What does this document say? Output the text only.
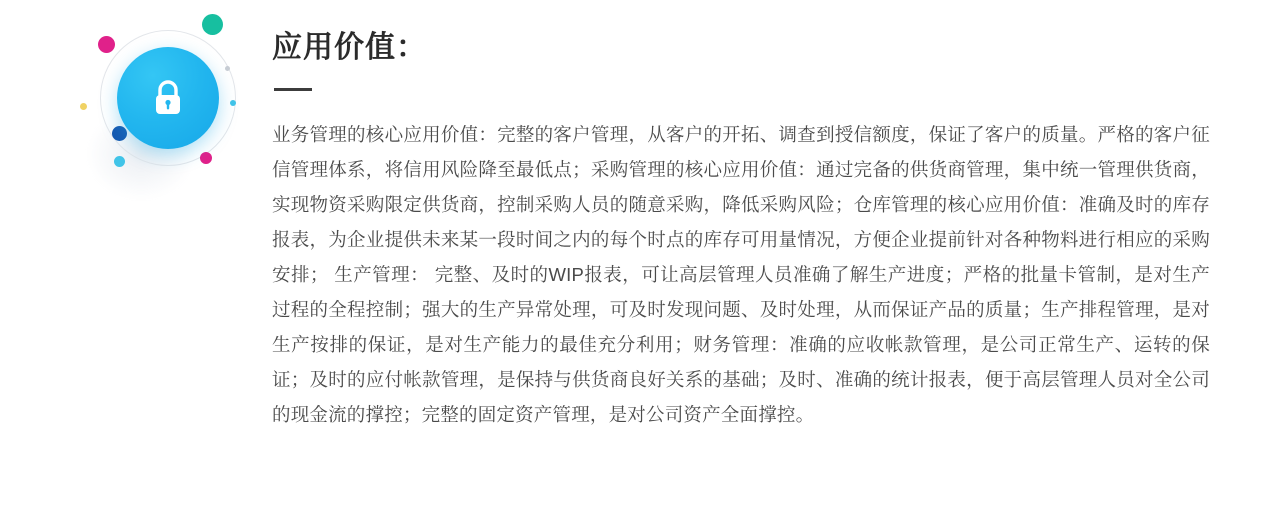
应用价值：

业务管理的核心应用价值：完整的客户管理，从客户的开拓、调查到授信额度，保证了客户的质量。严格的客户征信管理体系，将信用风险降至最低点；采购管理的核心应用价值：通过完备的供货商管理，集中统一管理供货商，实现物资采购限定供货商，控制采购人员的随意采购，降低采购风险；仓库管理的核心应用价值：准确及时的库存报表，为企业提供未来某一段时间之内的每个时点的库存可用量情况，方便企业提前针对各种物料进行相应的采购安排； 生产管理： 完整、及时的WIP报表，可让高层管理人员准确了解生产进度；严格的批量卡管制，是对生产过程的全程控制；强大的生产异常处理，可及时发现问题、及时处理，从而保证产品的质量；生产排程管理，是对生产按排的保证，是对生产能力的最佳充分利用；财务管理：准确的应收帐款管理，是公司正常生产、运转的保证；及时的应付帐款管理，是保持与供货商良好关系的基础；及时、准确的统计报表，便于高层管理人员对全公司的现金流的撑控；完整的固定资产管理，是对公司资产全面撑控。
